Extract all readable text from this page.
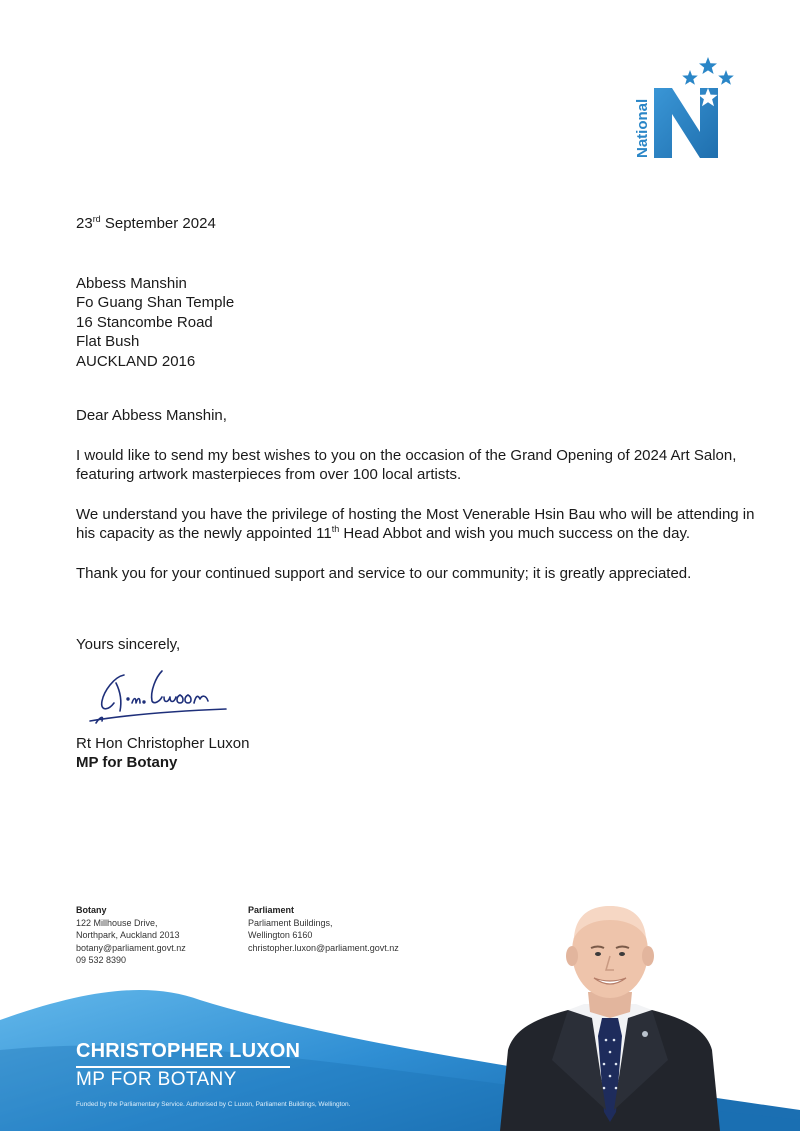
National

23rd September 2024

Abbess Manshin
Fo Guang Shan Temple
16 Stancombe Road
Flat Bush
AUCKLAND 2016

Dear Abbess Manshin,

I would like to send my best wishes to you on the occasion of the Grand Opening of 2024 Art Salon, featuring artwork masterpieces from over 100 local artists.

We understand you have the privilege of hosting the Most Venerable Hsin Bau who will be attending in his capacity as the newly appointed 11th Head Abbot and wish you much success on the day.

Thank you for your continued support and service to our community; it is greatly appreciated.

Yours sincerely,

Rt Hon Christopher Luxon

MP for Botany

Botany
122 Millhouse Drive,
Northpark, Auckland 2013
botany@parliament.govt.nz
09 532 8390
Parliament
Parliament Buildings,
Wellington 6160
christopher.luxon@parliament.govt.nz
CHRISTOPHER LUXON
MP FOR BOTANY
Funded by the Parliamentary Service. Authorised by C Luxon, Parliament Buildings, Wellington.
